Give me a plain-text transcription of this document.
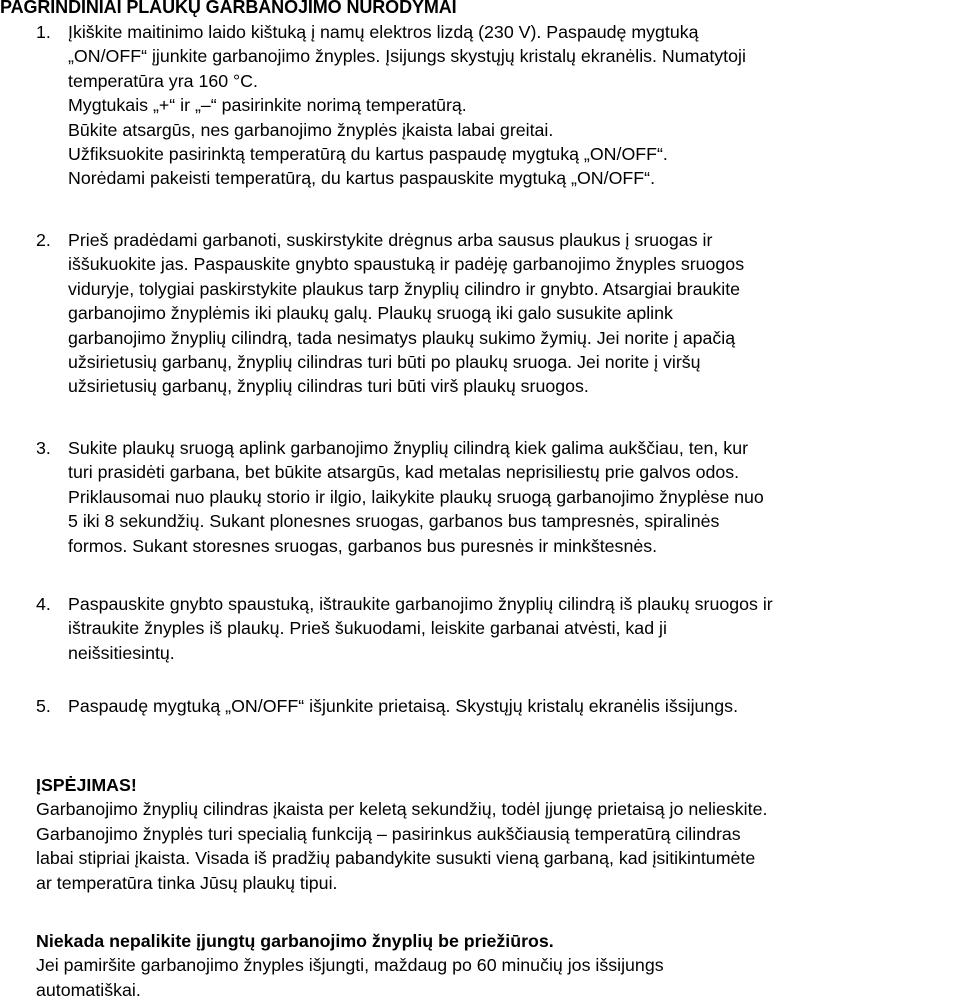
PAGRINDINIAI PLAUKŲ GARBANOJIMO NURODYMAI
1. Įkiškite maitinimo laido kištuką į namų elektros lizdą (230 V). Paspaudę mygtuką
„ON/OFF“ įjunkite garbanojimo žnyples. Įsijungs skystųjų kristalų ekranėlis. Numatytoji
temperatūra yra 160 °C.
Mygtukais „+“ ir „–“ pasirinkite norimą temperatūrą.
Būkite atsargūs, nes garbanojimo žnyplės įkaista labai greitai.
Užfiksuokite pasirinktą temperatūrą du kartus paspaudę mygtuką „ON/OFF“.
Norėdami pakeisti temperatūrą, du kartus paspauskite mygtuką „ON/OFF“.
2. Prieš pradėdami garbanoti, suskirstykite drėgnus arba sausus plaukus į sruogas ir
iššukuokite jas. Paspauskite gnybto spaustuką ir padėję garbanojimo žnyples sruogos
viduryje, tolygiai paskirstykite plaukus tarp žnyplių cilindro ir gnybto. Atsargiai braukite
garbanojimo žnyplėmis iki plaukų galų. Plaukų sruogą iki galo susukite aplink
garbanojimo žnyplių cilindrą, tada nesimatys plaukų sukimo žymių. Jei norite į apačią
užsirietusių garbanų, žnyplių cilindras turi būti po plaukų sruoga. Jei norite į viršų
užsirietusių garbanų, žnyplių cilindras turi būti virš plaukų sruogos.
3. Sukite plaukų sruogą aplink garbanojimo žnyplių cilindrą kiek galima aukščiau, ten, kur
turi prasidėti garbana, bet būkite atsargūs, kad metalas neprisiliestų prie galvos odos.
Priklausomai nuo plaukų storio ir ilgio, laikykite plaukų sruogą garbanojimo žnyplėse nuo
5 iki 8 sekundžių. Sukant plonesnes sruogas, garbanos bus tampresnės, spiralinės
formos. Sukant storesnes sruogas, garbanos bus puresnės ir minkštesnės.
4. Paspauskite gnybto spaustuką, ištraukite garbanojimo žnyplių cilindrą iš plaukų sruogos ir
ištraukite žnyples iš plaukų. Prieš šukuodami, leiskite garbanai atvėsti, kad ji
neišsitiesintų.
5. Paspaudę mygtuką „ON/OFF“ išjunkite prietaisą. Skystųjų kristalų ekranėlis išsijungs.
ĮSPĖJIMAS!
Garbanojimo žnyplių cilindras įkaista per keletą sekundžių, todėl įjungę prietaisą jo nelieskite.
Garbanojimo žnyplės turi specialią funkciją – pasirinkus aukščiausią temperatūrą cilindras
labai stipriai įkaista. Visada iš pradžių pabandykite susukti vieną garbaną, kad įsitikintumėte
ar temperatūra tinka Jūsų plaukų tipui.
Niekada nepalikite įjungtų garbanojimo žnyplių be priežiūros.
Jei pamiršite garbanojimo žnyples išjungti, maždaug po 60 minučių jos išsijungs
automatiškai.
